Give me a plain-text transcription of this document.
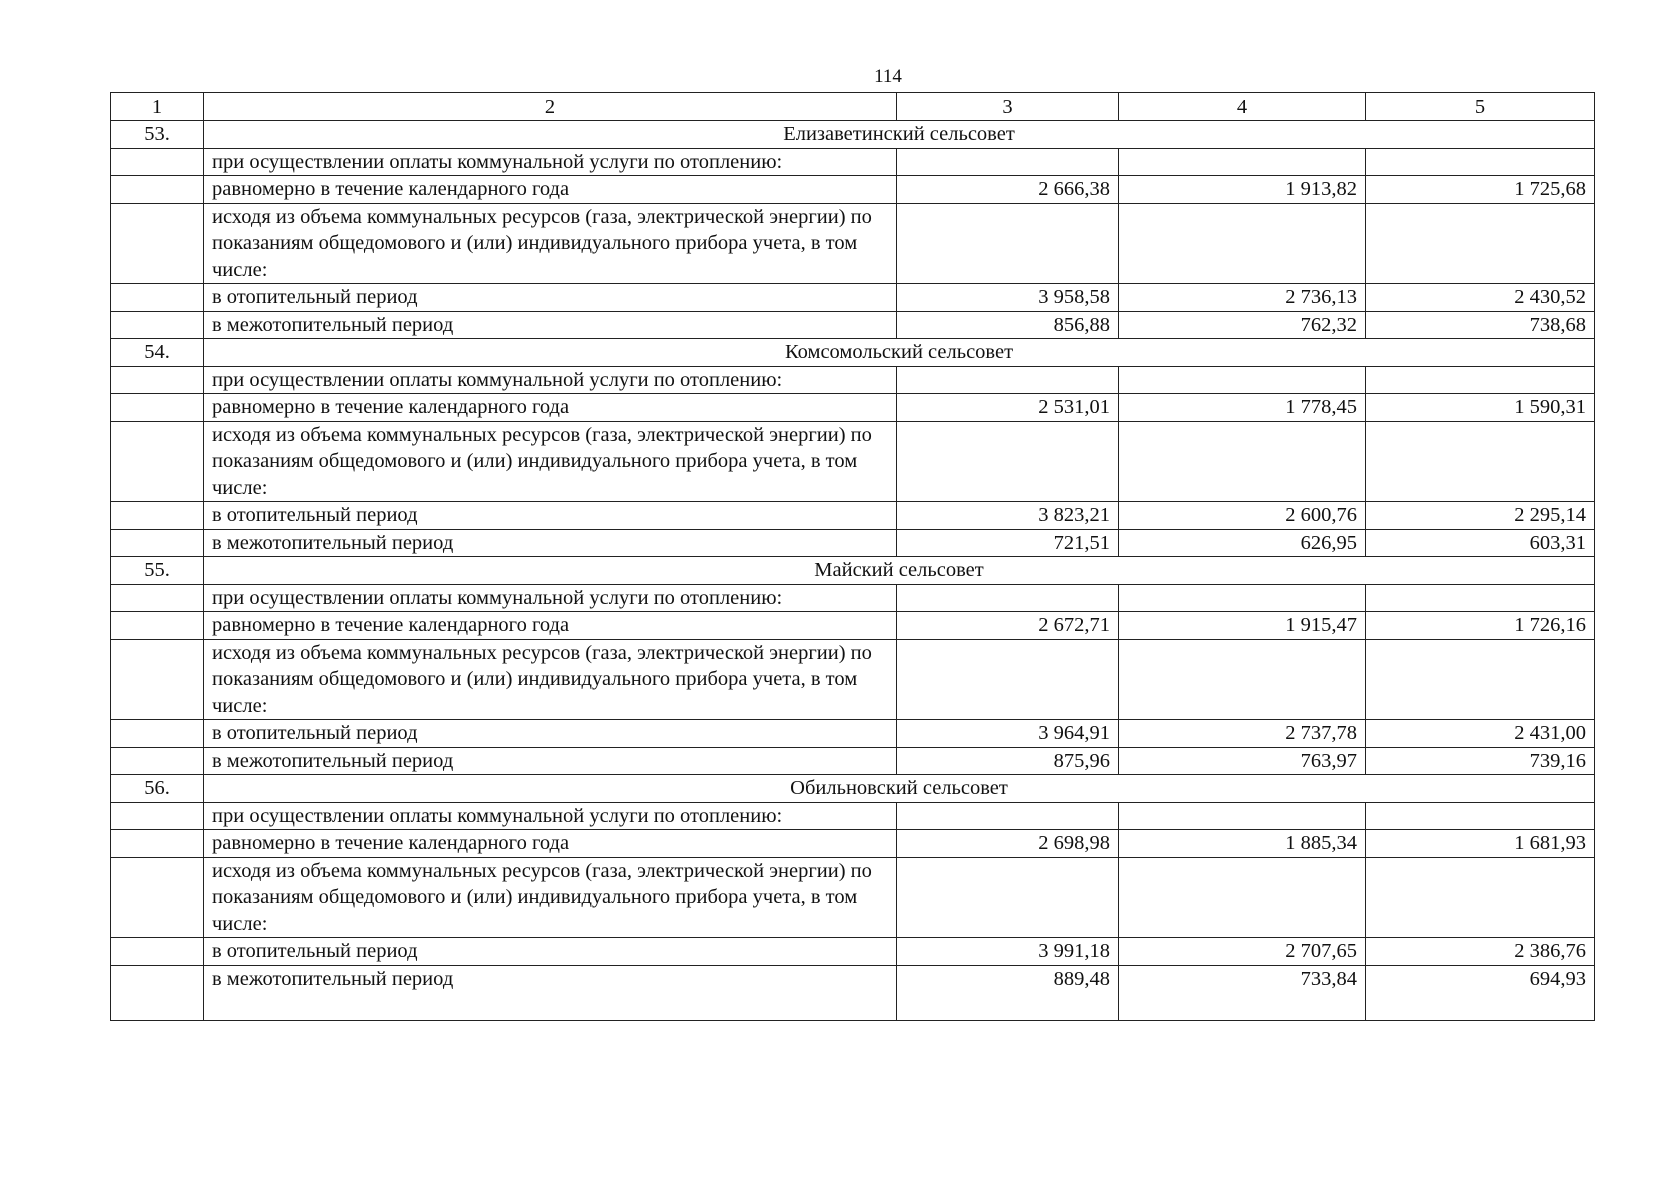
114
1	2	3	4	5
53.	Елизаветинский сельсовет			
	при осуществлении оплаты коммунальной услуги по отоплению:			
	равномерно в течение календарного года	2 666,38	1 913,82	1 725,68
	исходя из объема коммунальных ресурсов (газа, электрической энергии) по показаниям общедомового и (или) индивидуального прибора учета, в том числе:			
	в отопительный период	3 958,58	2 736,13	2 430,52
	в межотопительный период	856,88	762,32	738,68
54.	Комсомольский сельсовет			
	при осуществлении оплаты коммунальной услуги по отоплению:			
	равномерно в течение календарного года	2 531,01	1 778,45	1 590,31
	исходя из объема коммунальных ресурсов (газа, электрической энергии) по показаниям общедомового и (или) индивидуального прибора учета, в том числе:			
	в отопительный период	3 823,21	2 600,76	2 295,14
	в межотопительный период	721,51	626,95	603,31
55.	Майский сельсовет			
	при осуществлении оплаты коммунальной услуги по отоплению:			
	равномерно в течение календарного года	2 672,71	1 915,47	1 726,16
	исходя из объема коммунальных ресурсов (газа, электрической энергии) по показаниям общедомового и (или) индивидуального прибора учета, в том числе:			
	в отопительный период	3 964,91	2 737,78	2 431,00
	в межотопительный период	875,96	763,97	739,16
56.	Обильновский сельсовет			
	при осуществлении оплаты коммунальной услуги по отоплению:			
	равномерно в течение календарного года	2 698,98	1 885,34	1 681,93
	исходя из объема коммунальных ресурсов (газа, электрической энергии) по показаниям общедомового и (или) индивидуального прибора учета, в том числе:			
	в отопительный период	3 991,18	2 707,65	2 386,76
	в межотопительный период	889,48	733,84	694,93
